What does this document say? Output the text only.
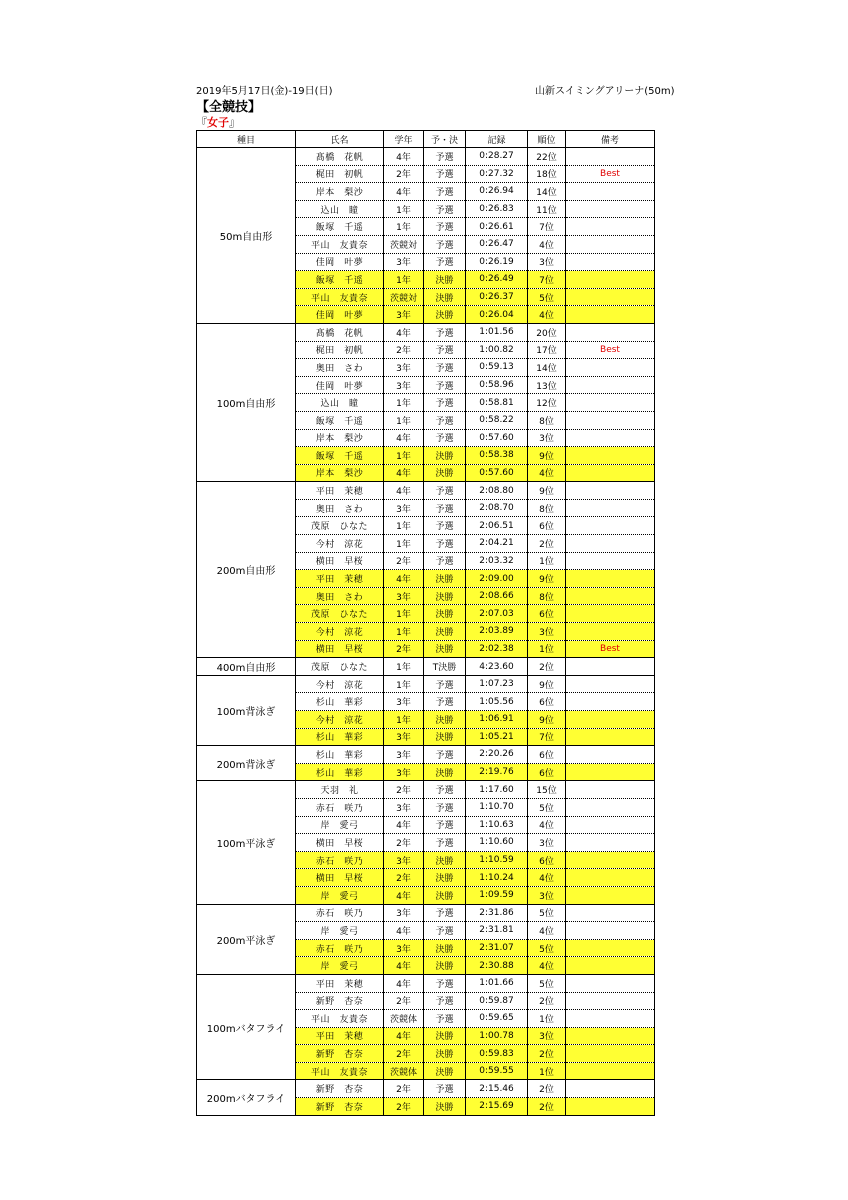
2019年5月17日(金)-19日(日)	山新スイミングアリーナ(50m)
【全競技】
『女子』
種目	氏名	学年	予・決	記録	順位	備考
50m自由形	髙橋　花帆	4年	予選	0:28.27	22位	
	梶田　初帆	2年	予選	0:27.32	18位	Best
	岸本　梨沙	4年	予選	0:26.94	14位	
	込山　瞳	1年	予選	0:26.83	11位	
	飯塚　千遥	1年	予選	0:26.61	7位	
	平山　友貴奈	茨競対	予選	0:26.47	4位	
	佳岡　叶夢	3年	予選	0:26.19	3位	
	飯塚　千遥	1年	決勝	0:26.49	7位	
	平山　友貴奈	茨競対	決勝	0:26.37	5位	
	佳岡　叶夢	3年	決勝	0:26.04	4位	
100m自由形	髙橋　花帆	4年	予選	1:01.56	20位	
	梶田　初帆	2年	予選	1:00.82	17位	Best
	奥田　さわ	3年	予選	0:59.13	14位	
	佳岡　叶夢	3年	予選	0:58.96	13位	
	込山　瞳	1年	予選	0:58.81	12位	
	飯塚　千遥	1年	予選	0:58.22	8位	
	岸本　梨沙	4年	予選	0:57.60	3位	
	飯塚　千遥	1年	決勝	0:58.38	9位	
	岸本　梨沙	4年	決勝	0:57.60	4位	
200m自由形	平田　茉穂	4年	予選	2:08.80	9位	
	奥田　さわ	3年	予選	2:08.70	8位	
	茂原　ひなた	1年	予選	2:06.51	6位	
	今村　涼花	1年	予選	2:04.21	2位	
	横田　早桜	2年	予選	2:03.32	1位	
	平田　茉穂	4年	決勝	2:09.00	9位	
	奥田　さわ	3年	決勝	2:08.66	8位	
	茂原　ひなた	1年	決勝	2:07.03	6位	
	今村　涼花	1年	決勝	2:03.89	3位	
	横田　早桜	2年	決勝	2:02.38	1位	Best
400m自由形	茂原　ひなた	1年	T決勝	4:23.60	2位	
100m背泳ぎ	今村　涼花	1年	予選	1:07.23	9位	
	杉山　華彩	3年	予選	1:05.56	6位	
	今村　涼花	1年	決勝	1:06.91	9位	
	杉山　華彩	3年	決勝	1:05.21	7位	
200m背泳ぎ	杉山　華彩	3年	予選	2:20.26	6位	
	杉山　華彩	3年	決勝	2:19.76	6位	
100m平泳ぎ	天羽　礼	2年	予選	1:17.60	15位	
	赤石　咲乃	3年	予選	1:10.70	5位	
	岸　愛弓	4年	予選	1:10.63	4位	
	横田　早桜	2年	予選	1:10.60	3位	
	赤石　咲乃	3年	決勝	1:10.59	6位	
	横田　早桜	2年	決勝	1:10.24	4位	
	岸　愛弓	4年	決勝	1:09.59	3位	
200m平泳ぎ	赤石　咲乃	3年	予選	2:31.86	5位	
	岸　愛弓	4年	予選	2:31.81	4位	
	赤石　咲乃	3年	決勝	2:31.07	5位	
	岸　愛弓	4年	決勝	2:30.88	4位	
100mバタフライ	平田　茉穂	4年	予選	1:01.66	5位	
	新野　杏奈	2年	予選	0:59.87	2位	
	平山　友貴奈	茨競体	予選	0:59.65	1位	
	平田　茉穂	4年	決勝	1:00.78	3位	
	新野　杏奈	2年	決勝	0:59.83	2位	
	平山　友貴奈	茨競体	決勝	0:59.55	1位	
200mバタフライ	新野　杏奈	2年	予選	2:15.46	2位	
	新野　杏奈	2年	決勝	2:15.69	2位	
